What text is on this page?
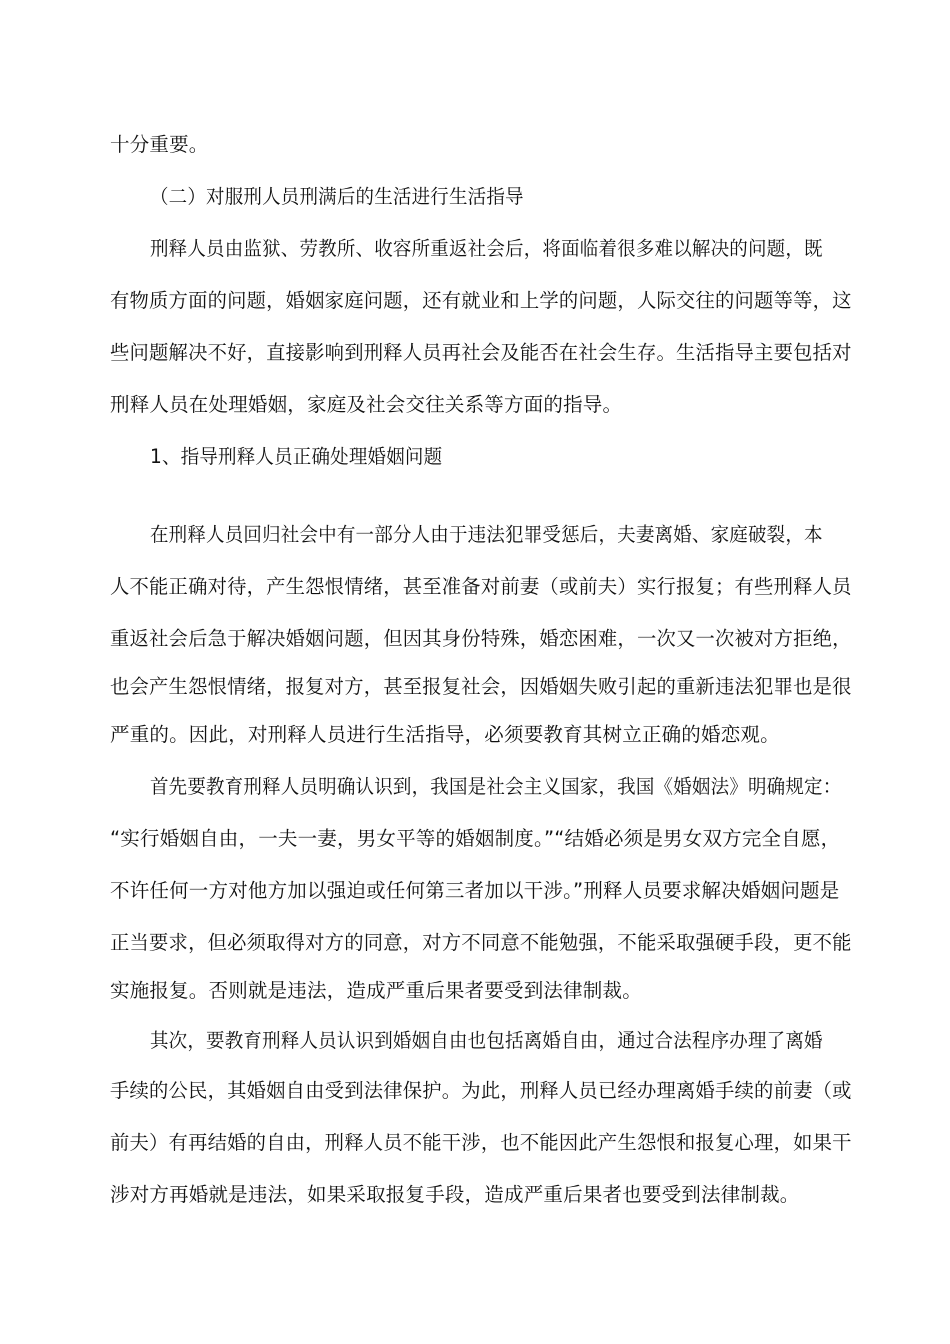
十分重要。
（二）对服刑人员刑满后的生活进行生活指导
刑释人员由监狱、劳教所、收容所重返社会后，将面临着很多难以解决的问题，既
有物质方面的问题，婚姻家庭问题，还有就业和上学的问题，人际交往的问题等等，这
些问题解决不好，直接影响到刑释人员再社会及能否在社会生存。生活指导主要包括对
刑释人员在处理婚姻，家庭及社会交往关系等方面的指导。
1、指导刑释人员正确处理婚姻问题
在刑释人员回归社会中有一部分人由于违法犯罪受惩后，夫妻离婚、家庭破裂，本
人不能正确对待，产生怨恨情绪，甚至准备对前妻（或前夫）实行报复；有些刑释人员
重返社会后急于解决婚姻问题，但因其身份特殊，婚恋困难，一次又一次被对方拒绝，
也会产生怨恨情绪，报复对方，甚至报复社会，因婚姻失败引起的重新违法犯罪也是很
严重的。因此，对刑释人员进行生活指导，必须要教育其树立正确的婚恋观。
首先要教育刑释人员明确认识到，我国是社会主义国家，我国《婚姻法》明确规定：
“实行婚姻自由，一夫一妻，男女平等的婚姻制度。”“结婚必须是男女双方完全自愿，
不许任何一方对他方加以强迫或任何第三者加以干涉。”刑释人员要求解决婚姻问题是
正当要求，但必须取得对方的同意，对方不同意不能勉强，不能采取强硬手段，更不能
实施报复。否则就是违法，造成严重后果者要受到法律制裁。
其次，要教育刑释人员认识到婚姻自由也包括离婚自由，通过合法程序办理了离婚
手续的公民，其婚姻自由受到法律保护。为此，刑释人员已经办理离婚手续的前妻（或
前夫）有再结婚的自由，刑释人员不能干涉，也不能因此产生怨恨和报复心理，如果干
涉对方再婚就是违法，如果采取报复手段，造成严重后果者也要受到法律制裁。
